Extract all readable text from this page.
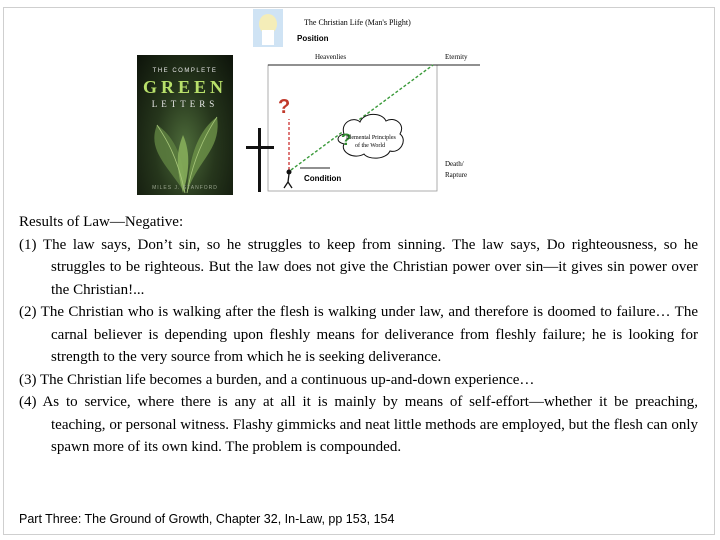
THE COMPLETE
GREEN
LETTERS
MILES J. STANFORD
The Christian Life (Man's Plight)
Position
Heavenlies	Eternity
?
?
Elemental Principles
of the World
Condition
Death/
Rapture

Results of Law—Negative:

(1) The law says, Don’t sin, so he struggles to keep from sinning. The law says, Do righteousness, so he struggles to be righteous. But the law does not give the Christian power over sin—it gives sin power over the Christian!...

(2) The Christian who is walking after the flesh is walking under law, and therefore is doomed to failure… The carnal believer is depending upon fleshly means for deliverance from fleshly failure; he is looking for strength to the very source from which he is seeking deliverance.

(3) The Christian life becomes a burden, and a continuous up-and-down experience…

(4) As to service, where there is any at all it is mainly by means of self-effort—whether it be preaching, teaching, or personal witness. Flashy gimmicks and neat little methods are employed, but the flesh can only spawn more of its own kind. The problem is compounded.

Part Three: The Ground of Growth, Chapter 32, In-Law, pp 153, 154
